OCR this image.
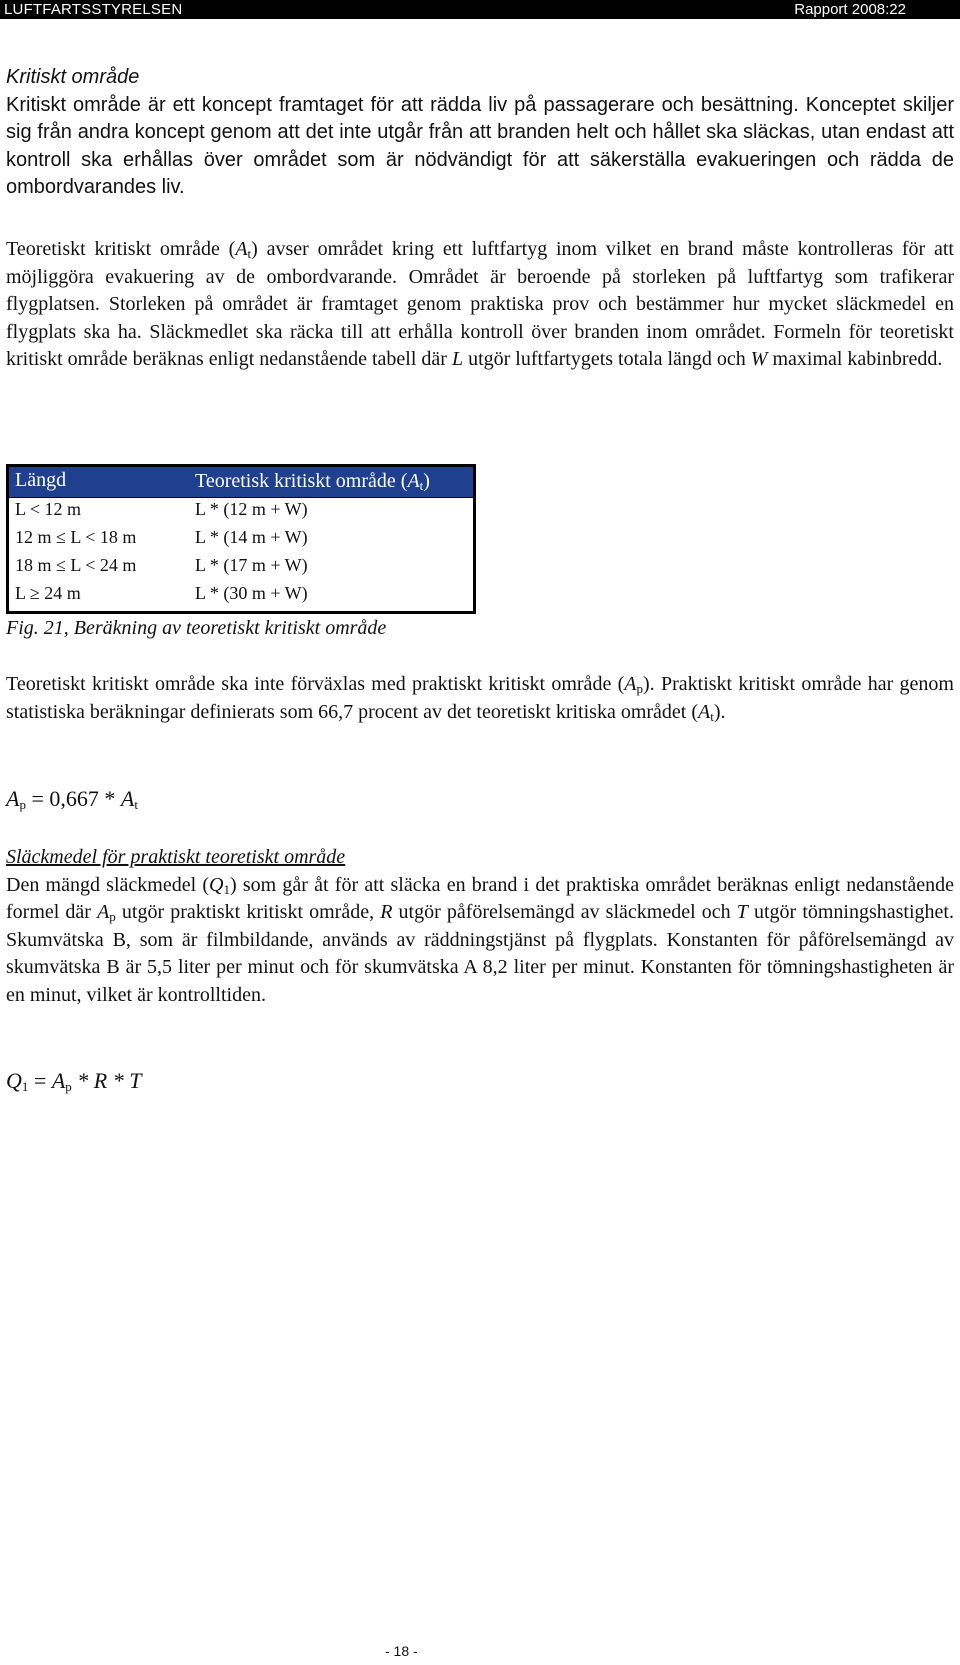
LUFTFARTSSTYRELSEN	Rapport 2008:22

Kritiskt område

Kritiskt område är ett koncept framtaget för att rädda liv på passagerare och besättning. Konceptet skiljer sig från andra koncept genom att det inte utgår från att branden helt och hållet ska släckas, utan endast att kontroll ska erhållas över området som är nödvändigt för att säkerställa evakueringen och rädda de ombordvarandes liv.

Teoretiskt kritiskt område $(A_t)$ avser området kring ett luftfartyg inom vilket en brand måste kontrolleras för att möjliggöra evakuering av de ombordvarande. Området är beroende på storleken på luftfartyg som trafikerar flygplatsen. Storleken på området är framtaget genom praktiska prov och bestämmer hur mycket släckmedel en flygplats ska ha. Släckmedlet ska räcka till att erhålla kontroll över branden inom området. Formeln för teoretiskt kritiskt område beräknas enligt nedanstående tabell där L utgör luftfartygets totala längd och W maximal kabinbredd.

Längd	Teoretisk kritiskt område $(A_t)$
L < 12 m	L * (12 m + W)
12 m ≤ L < 18 m	L * (14 m + W)
18 m ≤ L < 24 m	L * (17 m + W)
L ≥ 24 m	L * (30 m + W)
Fig. 21, Beräkning av teoretiskt kritiskt område

Teoretiskt kritiskt område ska inte förväxlas med praktiskt kritiskt område $(A_p)$. Praktiskt kritiskt område har genom statistiska beräkningar definierats som 66,7 procent av det teoretiskt kritiska området $(A_t)$.

$A_p = 0,667 * A_t$

Släckmedel för praktiskt teoretiskt område

Den mängd släckmedel $(Q_1)$ som går åt för att släcka en brand i det praktiska området beräknas enligt nedanstående formel där $A_p$ utgör praktiskt kritiskt område, R utgör påförelsemängd av släckmedel och T utgör tömningshastighet. Skumvätska B, som är filmbildande, används av räddningstjänst på flygplats. Konstanten för påförelsemängd av skumvätska B är 5,5 liter per minut och för skumvätska A 8,2 liter per minut. Konstanten för tömningshastigheten är en minut, vilket är kontrolltiden.

$Q_1 = A_p * R * T$
- 18 -
